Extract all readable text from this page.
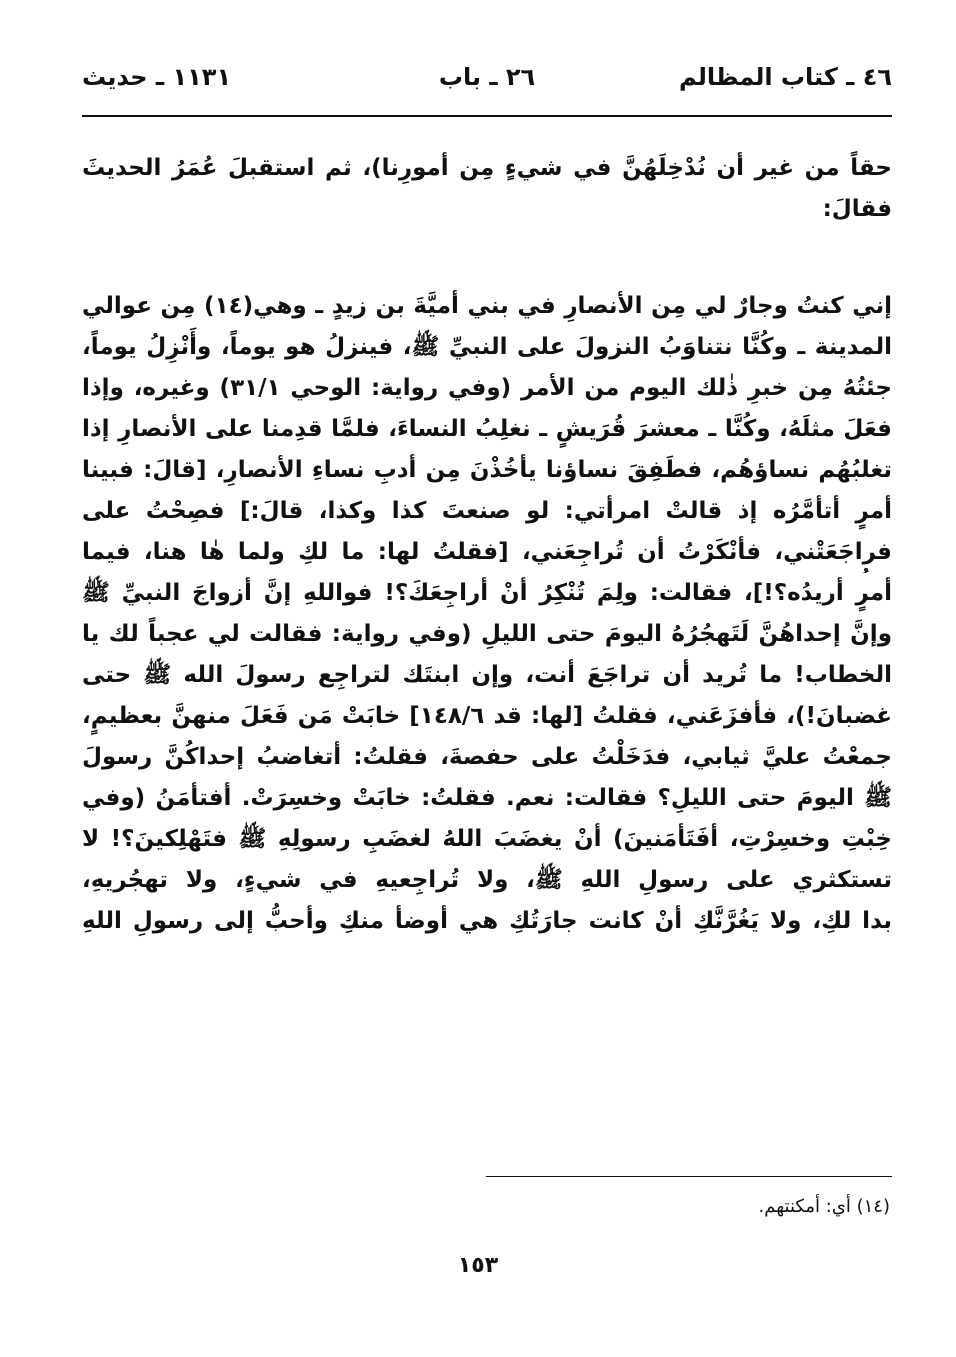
٤٦ ـ كتاب المظالم
٢٦ ـ باب
١١٣١ ـ حديث
حقاً من غير أن نُدْخِلَهُنَّ في شيءٍ مِن أمورِنا)، ثم استقبلَ عُمَرُ الحديثَ
فقالَ:
إني كنتُ وجارٌ لي مِن الأنصارِ في بني أميَّةَ بن زيدٍ ـ وهي(١٤) مِن عوالي
المدينة ـ وكُنَّا نتناوَبُ النزولَ على النبيِّ ﷺ، فينزلُ هو يوماً، وأَنْزِلُ يوماً،
جئتُهُ مِن خبرِ ذٰلك اليوم من الأمر (وفي رواية: الوحي ٣١/١) وغيره، وإذا
فعَلَ مثلَهُ، وكُنَّا ـ معشرَ قُرَيشٍ ـ نغلِبُ النساءَ، فلمَّا قدِمنا على الأنصارِ إذا
تغلبُهُم نساؤهُم، فطَفِقَ نساؤنا يأخُذْنَ مِن أدبِ نساءِ الأنصارِ، [قالَ: فبينا
أمرٍ أتأمَّرُه إذ قالتْ امرأتي: لو صنعتَ كذا وكذا، قالَ:] فصِحْتُ على
فراجَعَتْني، فأنْكَرْتُ أن تُراجِعَني، [فقلتُ لها: ما لكِ ولما هٰا هنا، فيما
أمرٍ أريدُه؟!]، فقالت: ولِمَ تُنْكِرُ أنْ أراجِعَكَ؟! فواللهِ إنَّ أزواجَ النبيِّ ﷺ
وإنَّ إحداهُنَّ لَتَهجُرُهُ اليومَ حتى الليلِ (وفي رواية: فقالت لي عجباً لك يا
الخطاب! ما تُريد أن تراجَعَ أنت، وإن ابنتَك لتراجِع رسولَ الله ﷺ حتى
غضبانَ!)، فأفزَعَني، فقلتُ [لها: قد ١٤٨/٦] خابَتْ مَن فَعَلَ منهنَّ بعظيمٍ،
جمعْتُ عليَّ ثيابي، فدَخَلْتُ على حفصةَ، فقلتُ: أتغاضبُ إحداكُنَّ رسولَ
ﷺ اليومَ حتى الليلِ؟ فقالت: نعم. فقلتُ: خابَتْ وخسِرَتْ. أفتأمَنُ (وفي
خِبْتِ وخسِرْتِ، أفَتَأمَنينَ) أنْ يغضَبَ اللهُ لغضَبِ رسولِهِ ﷺ فتَهْلِكينَ؟! لا
تستكثري على رسولِ اللهِ ﷺ، ولا تُراجِعيهِ في شيءٍ، ولا تهجُريهِ،
بدا لكِ، ولا يَغُرَّنَّكِ أنْ كانت جارَتُكِ هي أوضأ منكِ وأحبُّ إلى رسولِ اللهِ
(١٤) أي: أمكنتهم.
١٥٣
